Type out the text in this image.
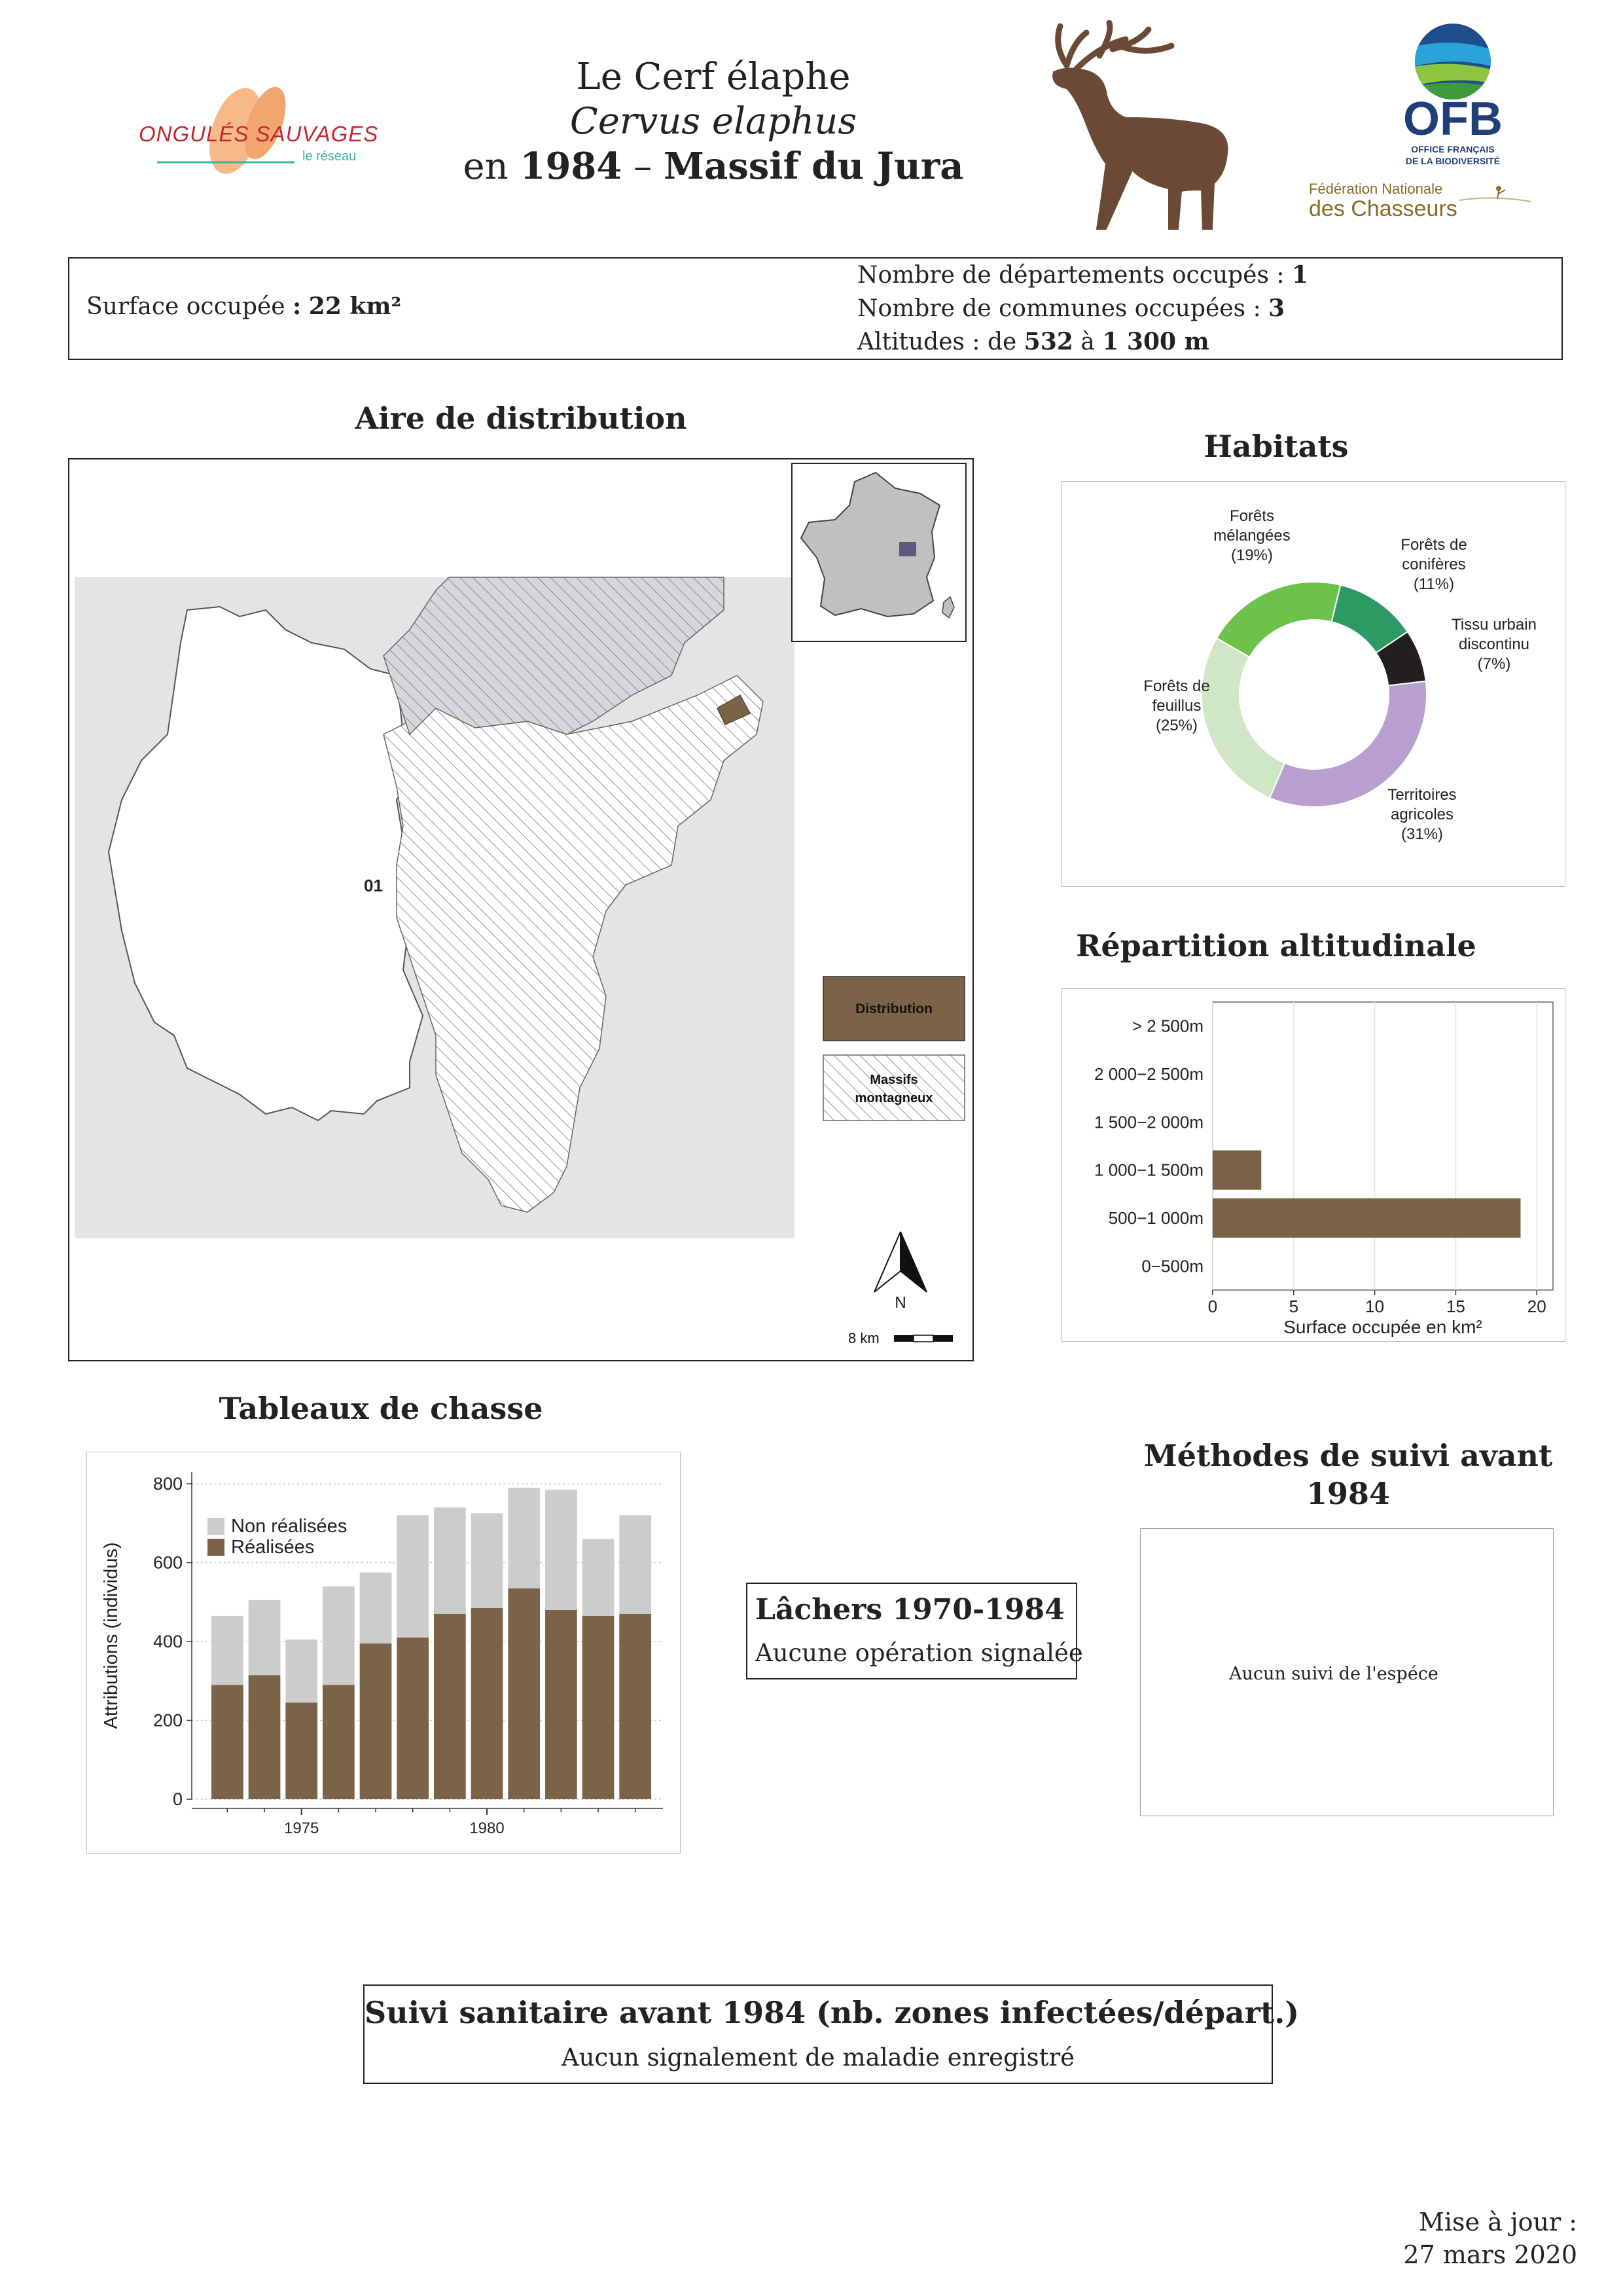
ONGULÉS SAUVAGES
le réseau
Le Cerf élaphe
Cervus elaphus
en 1984 – Massif du Jura
OFB
OFFICE FRANÇAIS
DE LA BIODIVERSITÉ
Fédération Nationale
des Chasseurs
Surface occupée : 22 km²
Nombre de départements occupés : 1
Nombre de communes occupées : 3
Altitudes : de 532 à 1 300 m
Aire de distribution
01
Distribution
Massifs
montagneux
N
8 km
Habitats
Forêts
mélangées
(19%)
Forêts de
conifères
(11%)
Tissu urbain
discontinu
(7%)
Territoires
agricoles
(31%)
Forêts de
feuillus
(25%)
Répartition altitudinale
0	5	10	15	20
> 2 500m
2 000−2 500m
1 500−2 000m
1 000−1 500m
500−1 000m
0−500m
Surface occupée en km²
Tableaux de chasse
0
200
400
600
800
1975	1980
Non réalisées
Réalisées
Attributions (individus)	Lâchers 1970-1984
Aucune opération signalée
Méthodes de suivi avant
1984
Aucun suivi de l'espéce
Suivi sanitaire avant 1984 (nb. zones infectées/départ.)
Aucun signalement de maladie enregistré
Mise à jour :
27 mars 2020
